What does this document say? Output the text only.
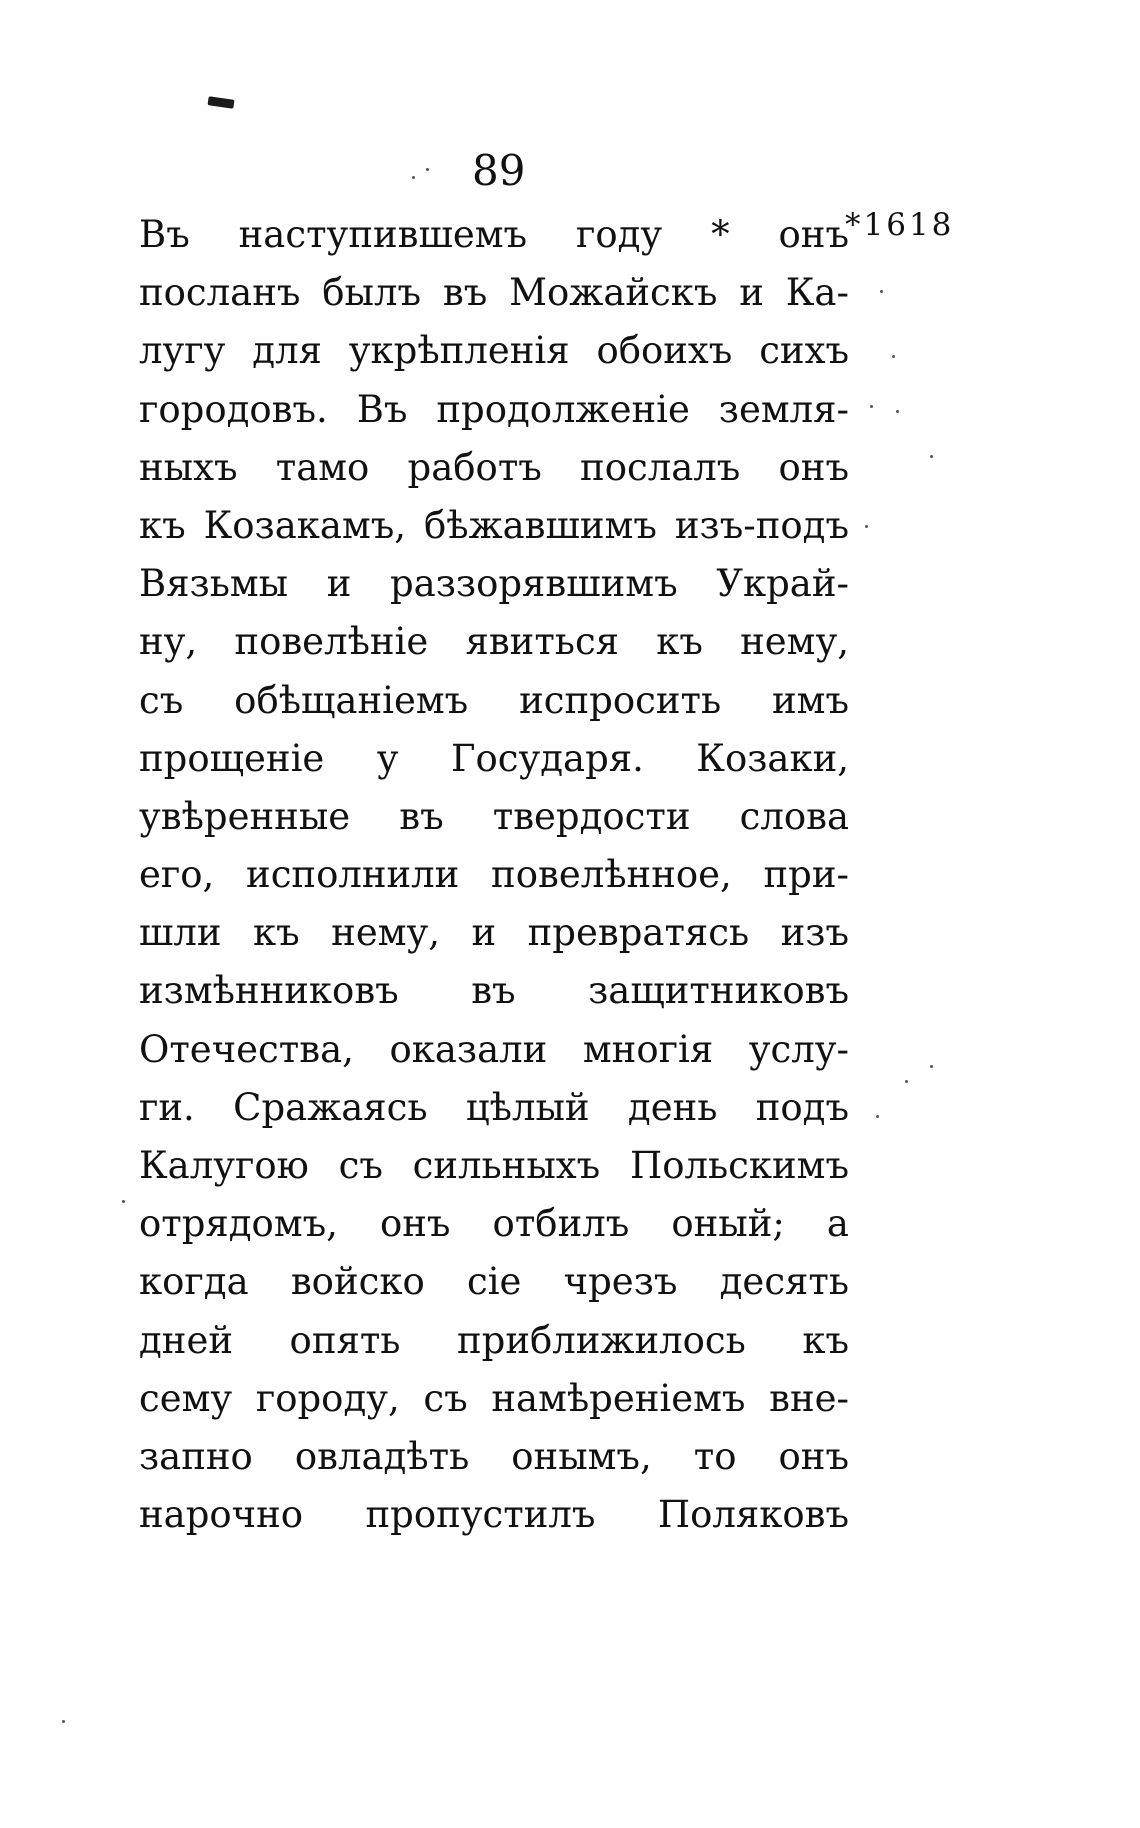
89
*1618
Въ наступившемъ году * онъ
посланъ былъ въ Можайскъ и Ка-
лугу для укрѣпленія обоихъ сихъ
городовъ. Въ продолженіе земля-
ныхъ тамо работъ послалъ онъ
къ Козакамъ, бѣжавшимъ изъ-подъ
Вязьмы и раззорявшимъ Украй-
ну, повелѣніе явиться къ нему,
съ обѣщаніемъ испросить имъ
прощеніе у Государя. Козаки,
увѣренные въ твердости слова
его, исполнили повелѣнное, при-
шли къ нему, и превратясь изъ
измѣнниковъ въ защитниковъ
Отечества, оказали многія услу-
ги. Сражаясь цѣлый день подъ
Калугою съ сильныхъ Польскимъ
отрядомъ, онъ отбилъ оный; а
когда войско сіе чрезъ десять
дней опять приближилось къ
сему городу, съ намѣреніемъ вне-
запно овладѣть онымъ, то онъ
нарочно пропустилъ Поляковъ
